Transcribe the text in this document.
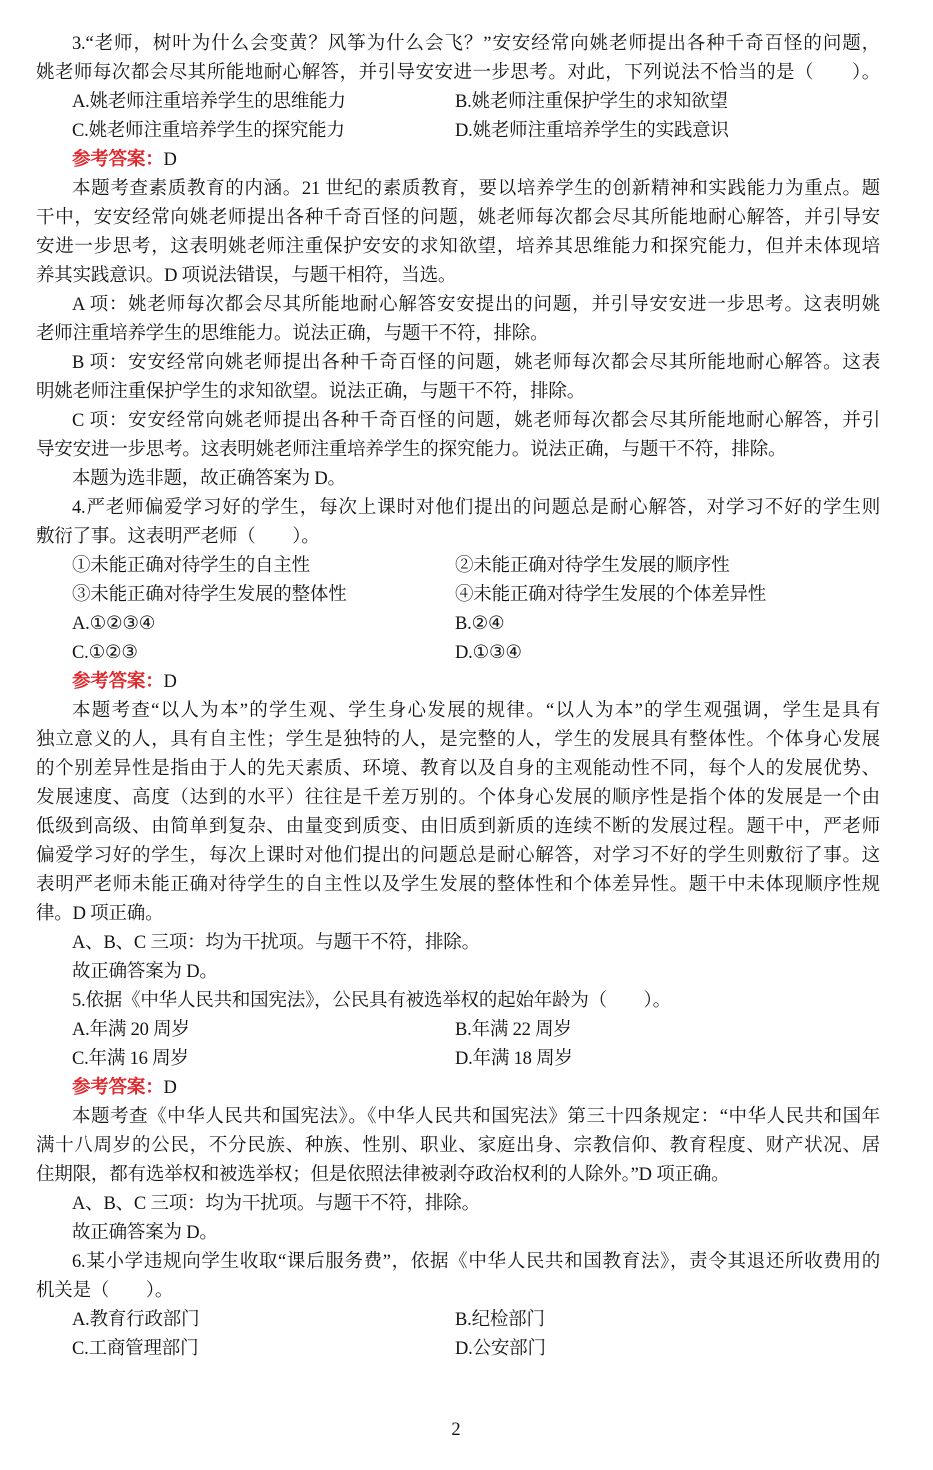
3.“老师，树叶为什么会变黄？风筝为什么会飞？”安安经常向姚老师提出各种千奇百怪的问题，
姚老师每次都会尽其所能地耐心解答，并引导安安进一步思考。对此，下列说法不恰当的是（　　）。
A.姚老师注重培养学生的思维能力	B.姚老师注重保护学生的求知欲望
C.姚老师注重培养学生的探究能力	D.姚老师注重培养学生的实践意识
参考答案：D
本题考查素质教育的内涵。21 世纪的素质教育，要以培养学生的创新精神和实践能力为重点。题
干中，安安经常向姚老师提出各种千奇百怪的问题，姚老师每次都会尽其所能地耐心解答，并引导安
安进一步思考，这表明姚老师注重保护安安的求知欲望，培养其思维能力和探究能力，但并未体现培
养其实践意识。D 项说法错误，与题干相符，当选。
A 项：姚老师每次都会尽其所能地耐心解答安安提出的问题，并引导安安进一步思考。这表明姚
老师注重培养学生的思维能力。说法正确，与题干不符，排除。
B 项：安安经常向姚老师提出各种千奇百怪的问题，姚老师每次都会尽其所能地耐心解答。这表
明姚老师注重保护学生的求知欲望。说法正确，与题干不符，排除。
C 项：安安经常向姚老师提出各种千奇百怪的问题，姚老师每次都会尽其所能地耐心解答，并引
导安安进一步思考。这表明姚老师注重培养学生的探究能力。说法正确，与题干不符，排除。
本题为选非题，故正确答案为 D。
4.严老师偏爱学习好的学生，每次上课时对他们提出的问题总是耐心解答，对学习不好的学生则
敷衍了事。这表明严老师（　　）。
①未能正确对待学生的自主性	②未能正确对待学生发展的顺序性
③未能正确对待学生发展的整体性	④未能正确对待学生发展的个体差异性
A.①②③④	B.②④
C.①②③	D.①③④
参考答案：D
本题考查“以人为本”的学生观、学生身心发展的规律。“以人为本”的学生观强调，学生是具有
独立意义的人，具有自主性；学生是独特的人，是完整的人，学生的发展具有整体性。个体身心发展
的个别差异性是指由于人的先天素质、环境、教育以及自身的主观能动性不同，每个人的发展优势、
发展速度、高度（达到的水平）往往是千差万别的。个体身心发展的顺序性是指个体的发展是一个由
低级到高级、由简单到复杂、由量变到质变、由旧质到新质的连续不断的发展过程。题干中，严老师
偏爱学习好的学生，每次上课时对他们提出的问题总是耐心解答，对学习不好的学生则敷衍了事。这
表明严老师未能正确对待学生的自主性以及学生发展的整体性和个体差异性。题干中未体现顺序性规
律。D 项正确。
A、B、C 三项：均为干扰项。与题干不符，排除。
故正确答案为 D。
5.依据《中华人民共和国宪法》，公民具有被选举权的起始年龄为（　　）。
A.年满 20 周岁	B.年满 22 周岁
C.年满 16 周岁	D.年满 18 周岁
参考答案：D
本题考查《中华人民共和国宪法》。《中华人民共和国宪法》第三十四条规定：“中华人民共和国年
满十八周岁的公民，不分民族、种族、性别、职业、家庭出身、宗教信仰、教育程度、财产状况、居
住期限，都有选举权和被选举权；但是依照法律被剥夺政治权利的人除外。”D 项正确。
A、B、C 三项：均为干扰项。与题干不符，排除。
故正确答案为 D。
6.某小学违规向学生收取“课后服务费”，依据《中华人民共和国教育法》，责令其退还所收费用的
机关是（　　）。
A.教育行政部门	B.纪检部门
C.工商管理部门	D.公安部门
2
